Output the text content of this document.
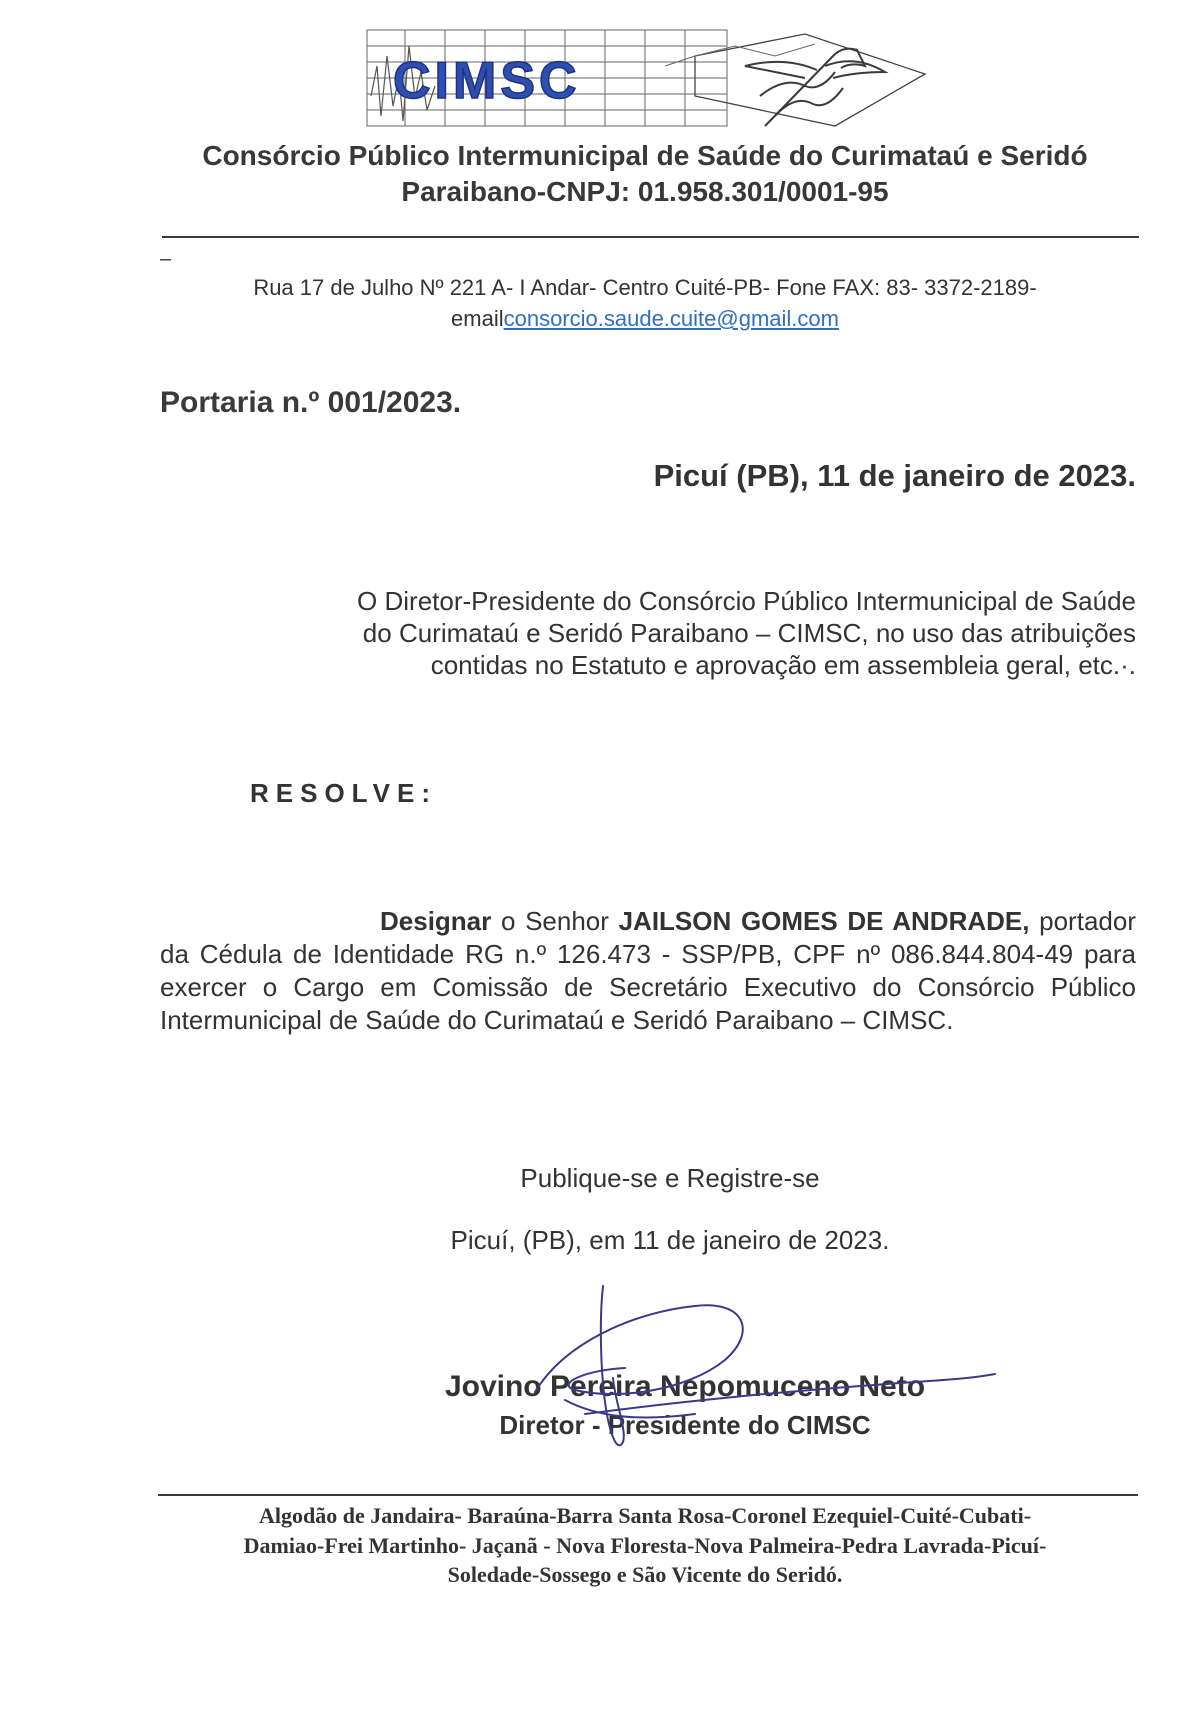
CIMSC
Consórcio Público Intermunicipal de Saúde do Curimataú e Seridó
Paraibano-CNPJ: 01.958.301/0001-95
–
Rua 17 de Julho Nº 221 A- I Andar- Centro Cuité-PB- Fone FAX: 83- 3372-2189-
emailconsorcio.saude.cuite@gmail.com
Portaria n.º 001/2023.
Picuí (PB), 11 de janeiro de 2023.
O Diretor-Presidente do Consórcio Público Intermunicipal de Saúde
do Curimataú e Seridó Paraibano – CIMSC, no uso das atribuições
contidas no Estatuto e aprovação em assembleia geral, etc.·.
RESOLVE:

Designar o Senhor JAILSON GOMES DE ANDRADE, portador da Cédula de Identidade RG n.º 126.473 - SSP/PB, CPF nº 086.844.804-49 para exercer o Cargo em Comissão de Secretário Executivo do Consórcio Público Intermunicipal de Saúde do Curimataú e Seridó Paraibano – CIMSC.

Publique-se e Registre-se
Picuí, (PB), em 11 de janeiro de 2023.
Jovino Pereira Nepomuceno Neto
Diretor - Presidente do CIMSC
Algodão de Jandaira- Baraúna-Barra Santa Rosa-Coronel Ezequiel-Cuité-Cubati-
Damiao-Frei Martinho- Jaçanã - Nova Floresta-Nova Palmeira-Pedra Lavrada-Picuí-
Soledade-Sossego e São Vicente do Seridó.
